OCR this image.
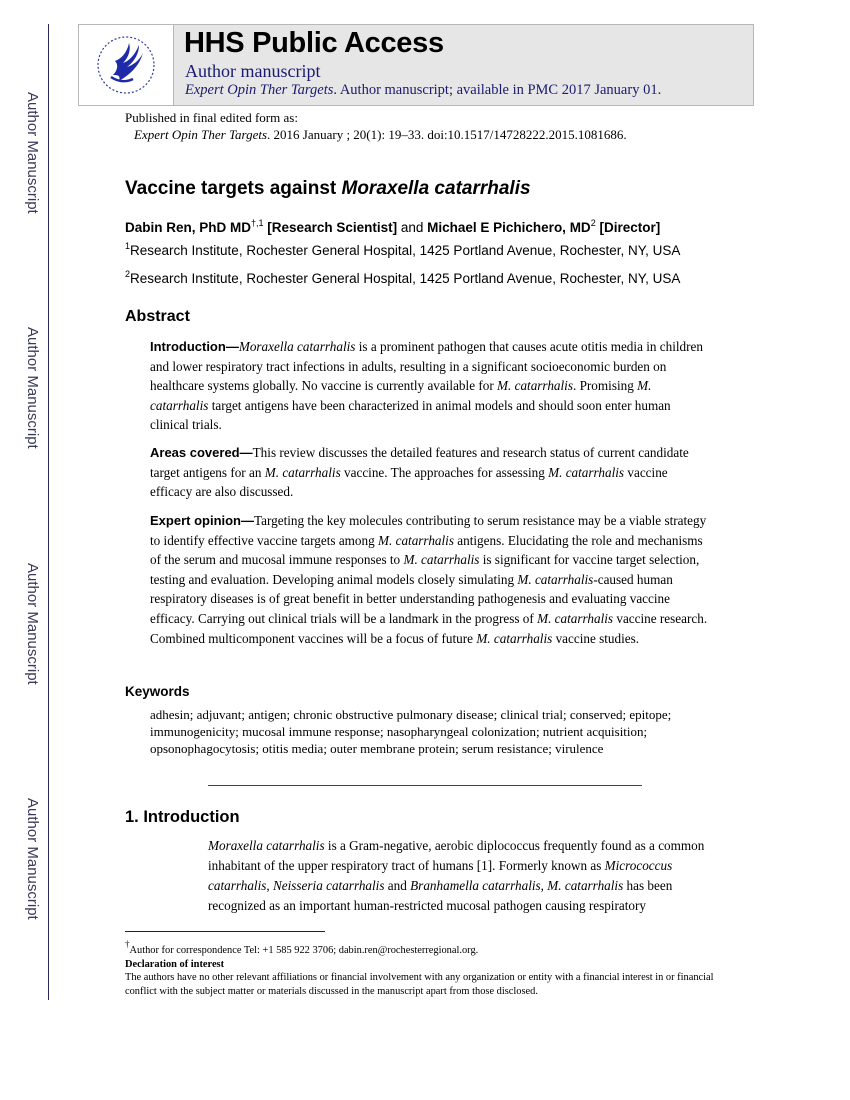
Author Manuscript
Author Manuscript
Author Manuscript
Author Manuscript
HHS Public Access
Author manuscript
Expert Opin Ther Targets. Author manuscript; available in PMC 2017 January 01.
Published in final edited form as:
Expert Opin Ther Targets. 2016 January ; 20(1): 19–33. doi:10.1517/14728222.2015.1081686.
Vaccine targets against Moraxella catarrhalis
Dabin Ren, PhD $MD^{\dagger,1}$ [Research Scientist] and Michael E Pichichero, $MD^2$ [Director]
$^1$Research Institute, Rochester General Hospital, 1425 Portland Avenue, Rochester, NY, USA
$^2$Research Institute, Rochester General Hospital, 1425 Portland Avenue, Rochester, NY, USA
Abstract
Introduction—Moraxella catarrhalis is a prominent pathogen that causes acute otitis media in children and lower respiratory tract infections in adults, resulting in a significant socioeconomic burden on healthcare systems globally. No vaccine is currently available for M. catarrhalis. Promising M. catarrhalis target antigens have been characterized in animal models and should soon enter human clinical trials.
Areas covered—This review discusses the detailed features and research status of current candidate target antigens for an M. catarrhalis vaccine. The approaches for assessing M. catarrhalis vaccine efficacy are also discussed.
Expert opinion—Targeting the key molecules contributing to serum resistance may be a viable strategy to identify effective vaccine targets among M. catarrhalis antigens. Elucidating the role and mechanisms of the serum and mucosal immune responses to M. catarrhalis is significant for vaccine target selection, testing and evaluation. Developing animal models closely simulating M. catarrhalis-caused human respiratory diseases is of great benefit in better understanding pathogenesis and evaluating vaccine efficacy. Carrying out clinical trials will be a landmark in the progress of M. catarrhalis vaccine research. Combined multicomponent vaccines will be a focus of future M. catarrhalis vaccine studies.
Keywords
adhesin; adjuvant; antigen; chronic obstructive pulmonary disease; clinical trial; conserved; epitope; immunogenicity; mucosal immune response; nasopharyngeal colonization; nutrient acquisition; opsonophagocytosis; otitis media; outer membrane protein; serum resistance; virulence
1. Introduction
Moraxella catarrhalis is a Gram-negative, aerobic diplococcus frequently found as a common inhabitant of the upper respiratory tract of humans [1]. Formerly known as Micrococcus catarrhalis, Neisseria catarrhalis and Branhamella catarrhalis, M. catarrhalis has been recognized as an important human-restricted mucosal pathogen causing respiratory
†Author for correspondence Tel: +1 585 922 3706; dabin.ren@rochesterregional.org.
Declaration of interest
The authors have no other relevant affiliations or financial involvement with any organization or entity with a financial interest in or financial conflict with the subject matter or materials discussed in the manuscript apart from those disclosed.
